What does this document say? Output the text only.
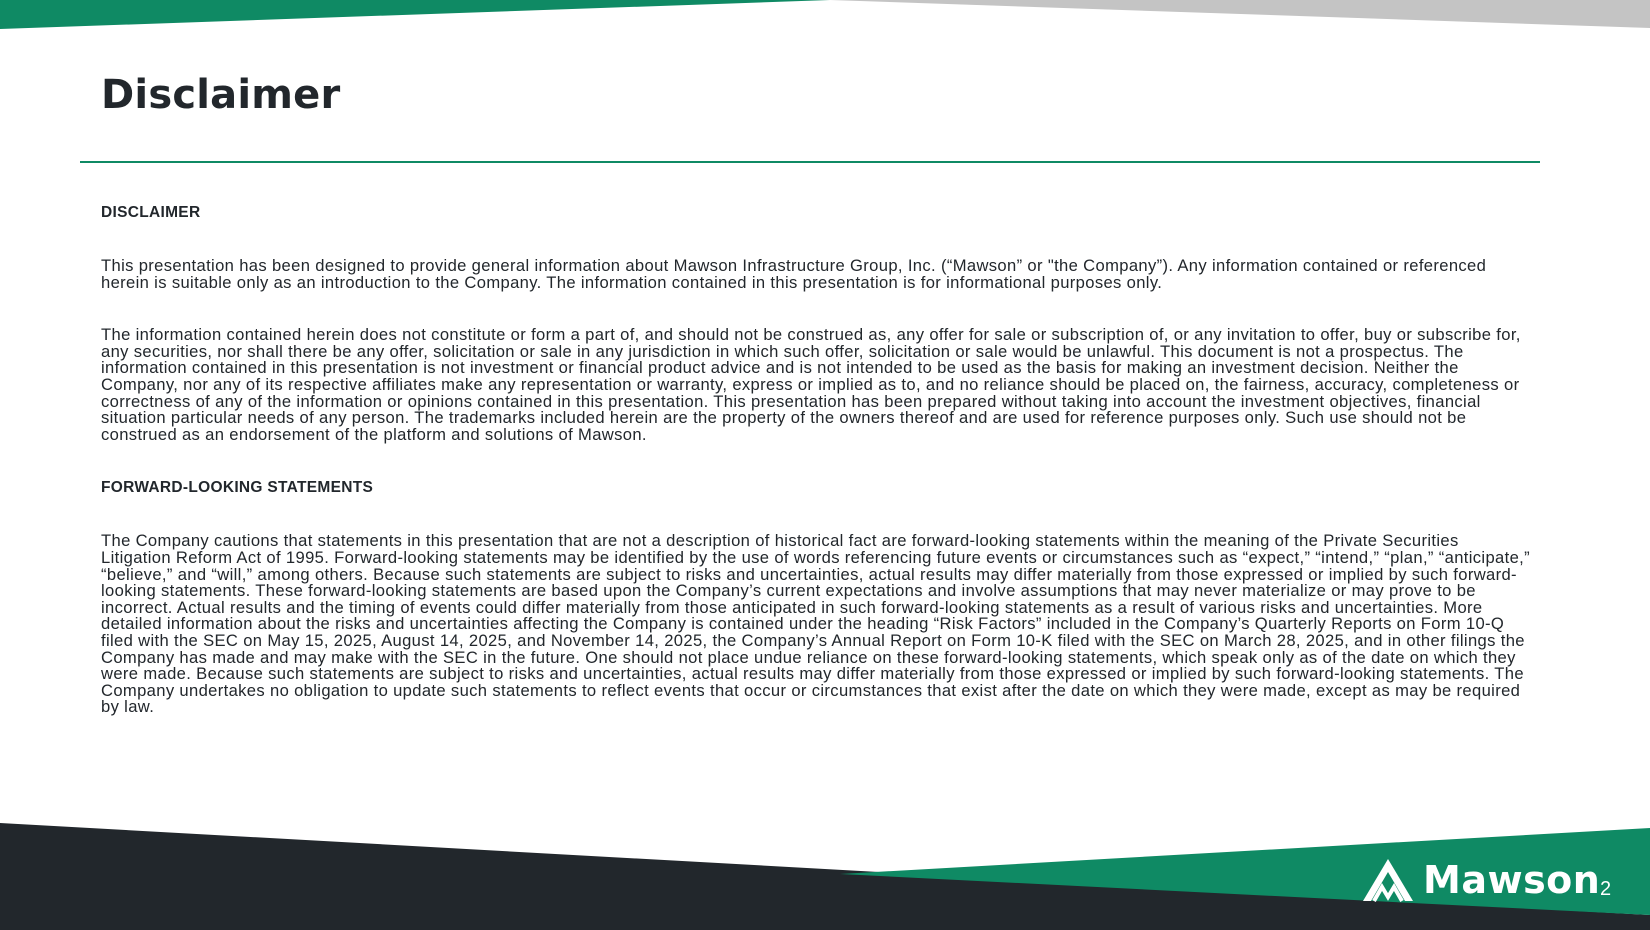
Disclaimer

DISCLAIMER

This presentation has been designed to provide general information about Mawson Infrastructure Group, Inc. (“Mawson” or "the Company”). Any information contained or referenced herein is suitable only as an introduction to the Company. The information contained in this presentation is for informational purposes only.

The information contained herein does not constitute or form a part of, and should not be construed as, any offer for sale or subscription of, or any invitation to offer, buy or subscribe for, any securities, nor shall there be any offer, solicitation or sale in any jurisdiction in which such offer, solicitation or sale would be unlawful. This document is not a prospectus. The information contained in this presentation is not investment or financial product advice and is not intended to be used as the basis for making an investment decision. Neither the Company, nor any of its respective affiliates make any representation or warranty, express or implied as to, and no reliance should be placed on, the fairness, accuracy, completeness or correctness of any of the information or opinions contained in this presentation. This presentation has been prepared without taking into account the investment objectives, financial situation particular needs of any person. The trademarks included herein are the property of the owners thereof and are used for reference purposes only. Such use should not be construed as an endorsement of the platform and solutions of Mawson.

FORWARD-LOOKING STATEMENTS

The Company cautions that statements in this presentation that are not a description of historical fact are forward-looking statements within the meaning of the Private Securities Litigation Reform Act of 1995. Forward-looking statements may be identified by the use of words referencing future events or circumstances such as “expect,” “intend,” “plan,” “anticipate,” “believe,” and “will,” among others. Because such statements are subject to risks and uncertainties, actual results may differ materially from those expressed or implied by such forward-looking statements. These forward-looking statements are based upon the Company’s current expectations and involve assumptions that may never materialize or may prove to be incorrect. Actual results and the timing of events could differ materially from those anticipated in such forward-looking statements as a result of various risks and uncertainties. More detailed information about the risks and uncertainties affecting the Company is contained under the heading “Risk Factors” included in the Company’s Quarterly Reports on Form 10-Q filed with the SEC on May 15, 2025, August 14, 2025, and November 14, 2025, the Company’s Annual Report on Form 10-K filed with the SEC on March 28, 2025, and in other filings the Company has made and may make with the SEC in the future. One should not place undue reliance on these forward-looking statements, which speak only as of the date on which they were made. Because such statements are subject to risks and uncertainties, actual results may differ materially from those expressed or implied by such forward-looking statements. The Company undertakes no obligation to update such statements to reflect events that occur or circumstances that exist after the date on which they were made, except as may be required by law.

Mawson 2
